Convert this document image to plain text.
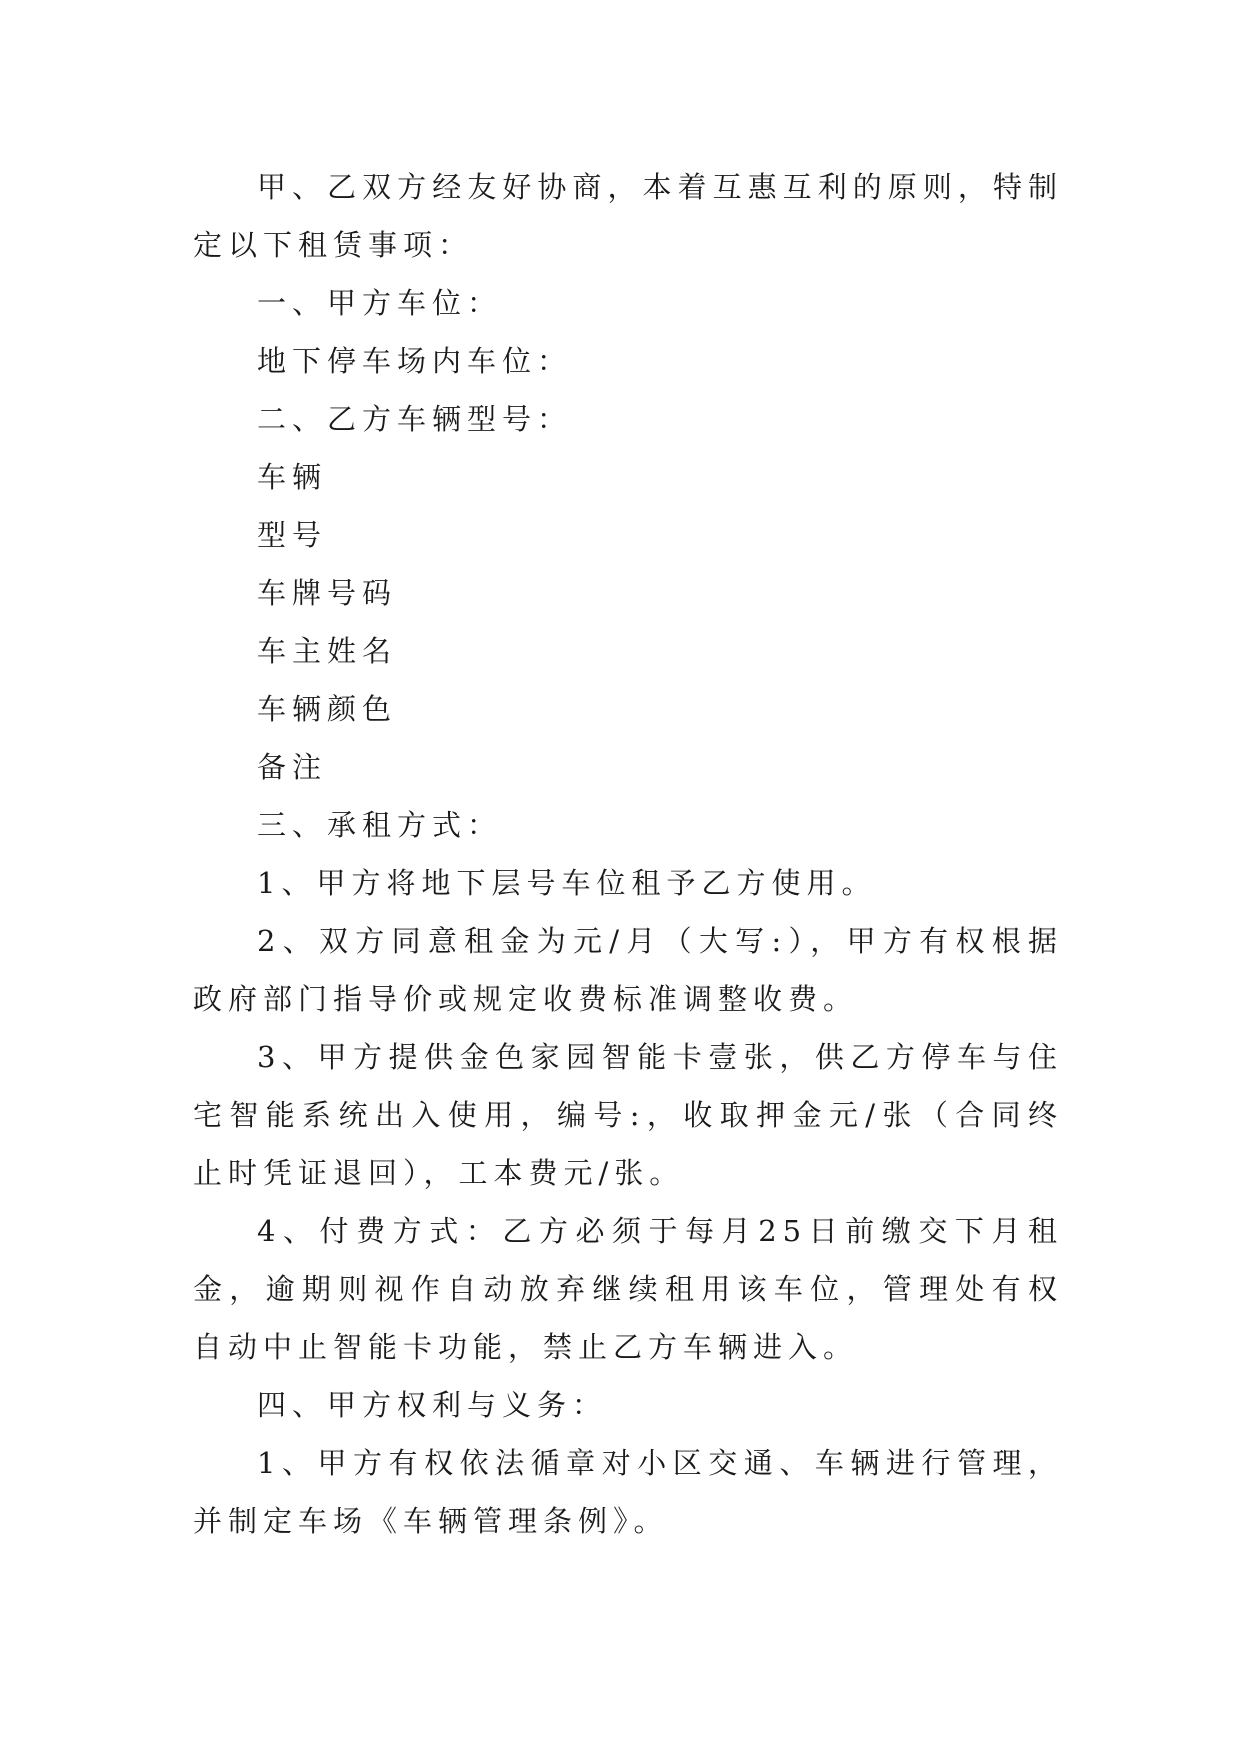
甲、乙双方经友好协商，本着互惠互利的原则，特制定以下租赁事项：

一、甲方车位：

地下停车场内车位：

二、乙方车辆型号：

车辆

型号

车牌号码

车主姓名

车辆颜色

备注

三、承租方式：

1、甲方将地下层号车位租予乙方使用。

2、双方同意租金为元/月（大写:），甲方有权根据政府部门指导价或规定收费标准调整收费。

3、甲方提供金色家园智能卡壹张，供乙方停车与住宅智能系统出入使用，编号:，收取押金元/张（合同终止时凭证退回），工本费元/张。

4、付费方式：乙方必须于每月25日前缴交下月租金，逾期则视作自动放弃继续租用该车位，管理处有权自动中止智能卡功能，禁止乙方车辆进入。

四、甲方权利与义务：

1、甲方有权依法循章对小区交通、车辆进行管理，并制定车场《车辆管理条例》。
